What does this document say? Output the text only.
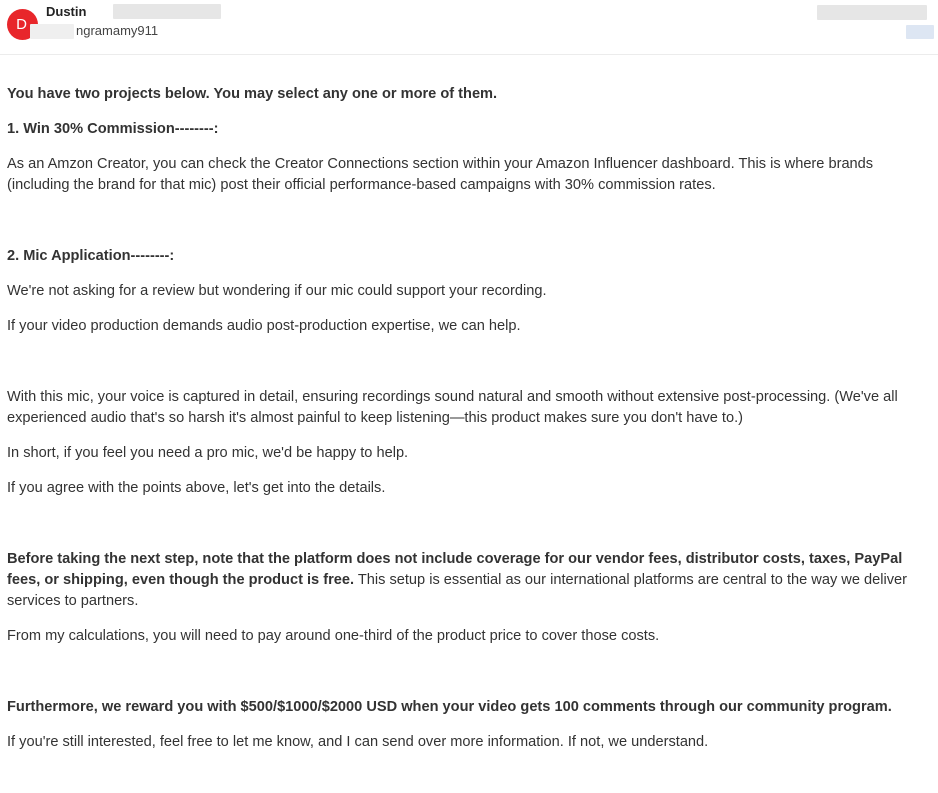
D
Dustin
ngramamy911

You have two projects below. You may select any one or more of them.

1. Win 30% Commission--------:

As an Amzon Creator, you can check the Creator Connections section within your Amazon Influencer dashboard. This is where brands (including the brand for that mic) post their official performance-based campaigns with 30% commission rates.

2. Mic Application--------:

We're not asking for a review but wondering if our mic could support your recording.

If your video production demands audio post-production expertise, we can help.

With this mic, your voice is captured in detail, ensuring recordings sound natural and smooth without extensive post-processing. (We've all experienced audio that's so harsh it's almost painful to keep listening—this product makes sure you don't have to.)

In short, if you feel you need a pro mic, we'd be happy to help.

If you agree with the points above, let's get into the details.

Before taking the next step, note that the platform does not include coverage for our vendor fees, distributor costs, taxes, PayPal fees, or shipping, even though the product is free. This setup is essential as our international platforms are central to the way we deliver services to partners.

From my calculations, you will need to pay around one-third of the product price to cover those costs.

Furthermore, we reward you with $500/$1000/$2000 USD when your video gets 100 comments through our community program.

If you're still interested, feel free to let me know, and I can send over more information. If not, we understand.
